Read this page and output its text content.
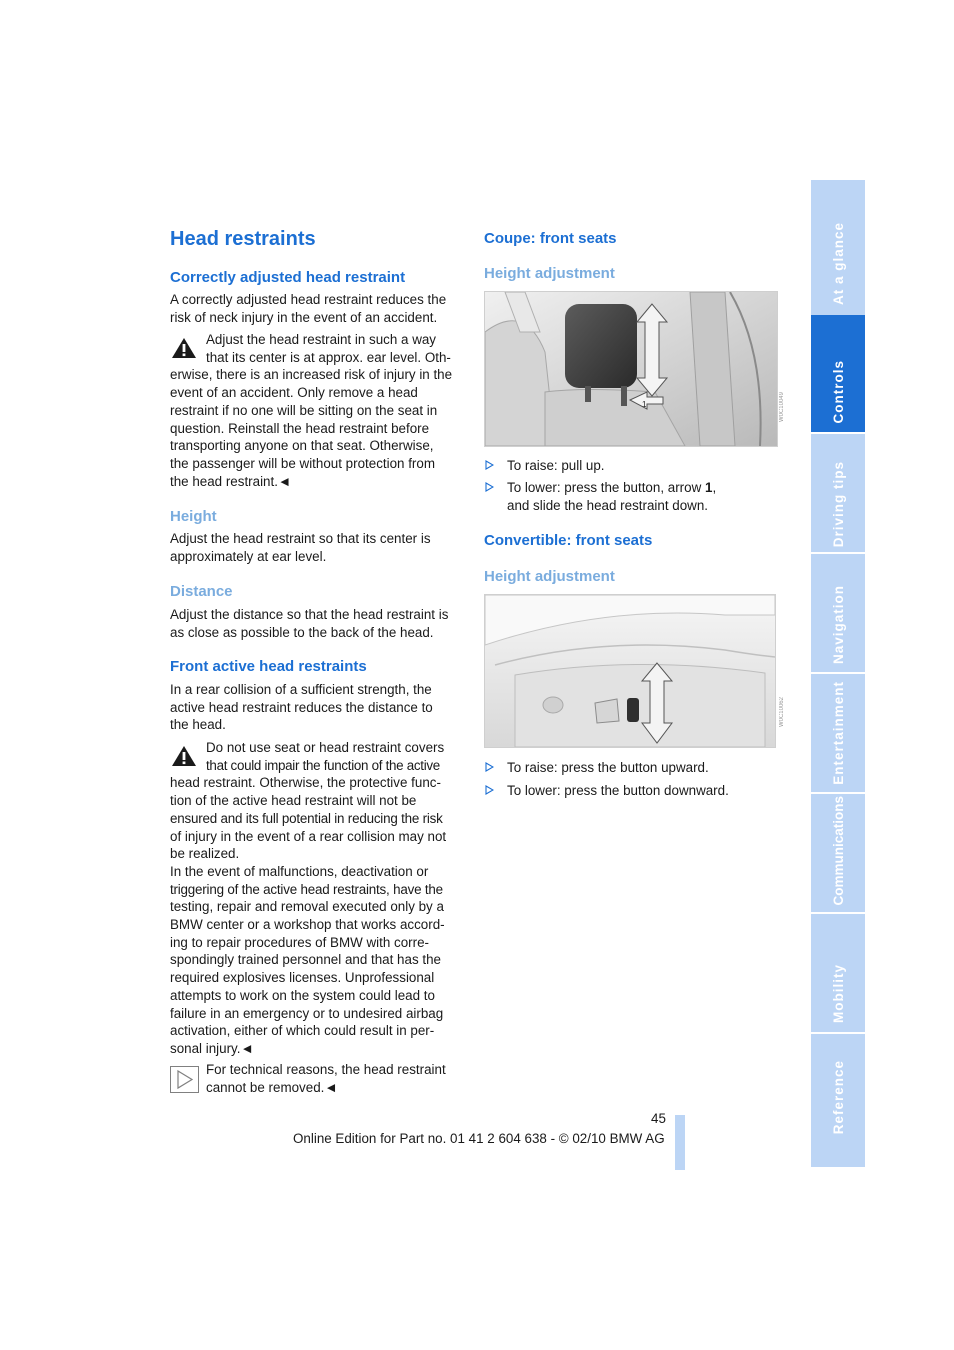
Head restraints
Correctly adjusted head restraint

A correctly adjusted head restraint reduces the risk of neck injury in the event of an accident.

Adjust the head restraint in such a way

that its center is at approx. ear level. Oth-

erwise, there is an increased risk of injury in the

event of an accident. Only remove a head

restraint if no one will be sitting on the seat in

question. Reinstall the head restraint before

transporting anyone on that seat. Otherwise,

the passenger will be without protection from

the head restraint.◄

Height

Adjust the head restraint so that its center is

approximately at ear level.

Distance

Adjust the distance so that the head restraint is

as close as possible to the back of the head.

Front active head restraints

In a rear collision of a sufficient strength, the

active head restraint reduces the distance to

the head.

Do not use seat or head restraint covers

that could impair the function of the active

head restraint. Otherwise, the protective func-

tion of the active head restraint will not be

ensured and its full potential in reducing the risk

of injury in the event of a rear collision may not

be realized.

In the event of malfunctions, deactivation or

triggering of the active head restraints, have the

testing, repair and removal executed only by a

BMW center or a workshop that works accord-

ing to repair procedures of BMW with corre-

spondingly trained personnel and that has the

required explosives licenses. Unprofessional

attempts to work on the system could lead to

failure in an emergency or to undesired airbag

activation, either of which could result in per-

sonal injury.◄

For technical reasons, the head restraint

cannot be removed.◄

Coupe: front seats
Height adjustment
1	W0C10049

To raise: pull up.

To lower: press the button, arrow 1,

and slide the head restraint down.

Convertible: front seats
Height adjustment
W0C10062

To raise: press the button upward.

To lower: press the button downward.

45
Online Edition for Part no. 01 41 2 604 638 - © 02/10 BMW AG
At a glance
Controls
Driving tips
Navigation
Entertainment
Communications
Mobility
Reference
